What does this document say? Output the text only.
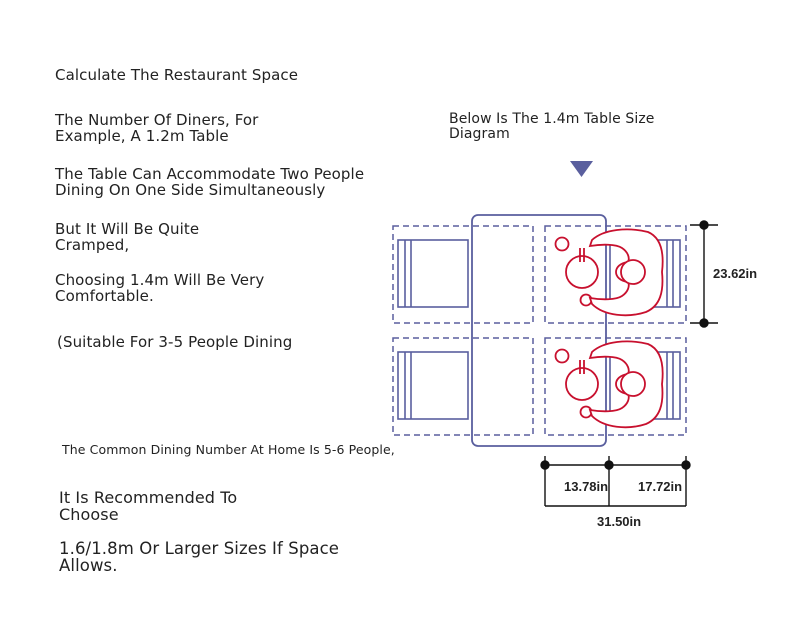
Calculate The Restaurant Space

The Number Of Diners, For Example, A 1.2m Table

The Table Can Accommodate Two People Dining On One Side Simultaneously

But It Will Be Quite Cramped,

Choosing 1.4m Will Be Very Comfortable.

(Suitable For 3-5 People Dining

The Common Dining Number At Home Is 5-6 People,

It Is Recommended To Choose

1.6/1.8m Or Larger Sizes If Space Allows.

Below Is The 1.4m Table Size Diagram

23.62in
13.78in 17.72in
31.50in
